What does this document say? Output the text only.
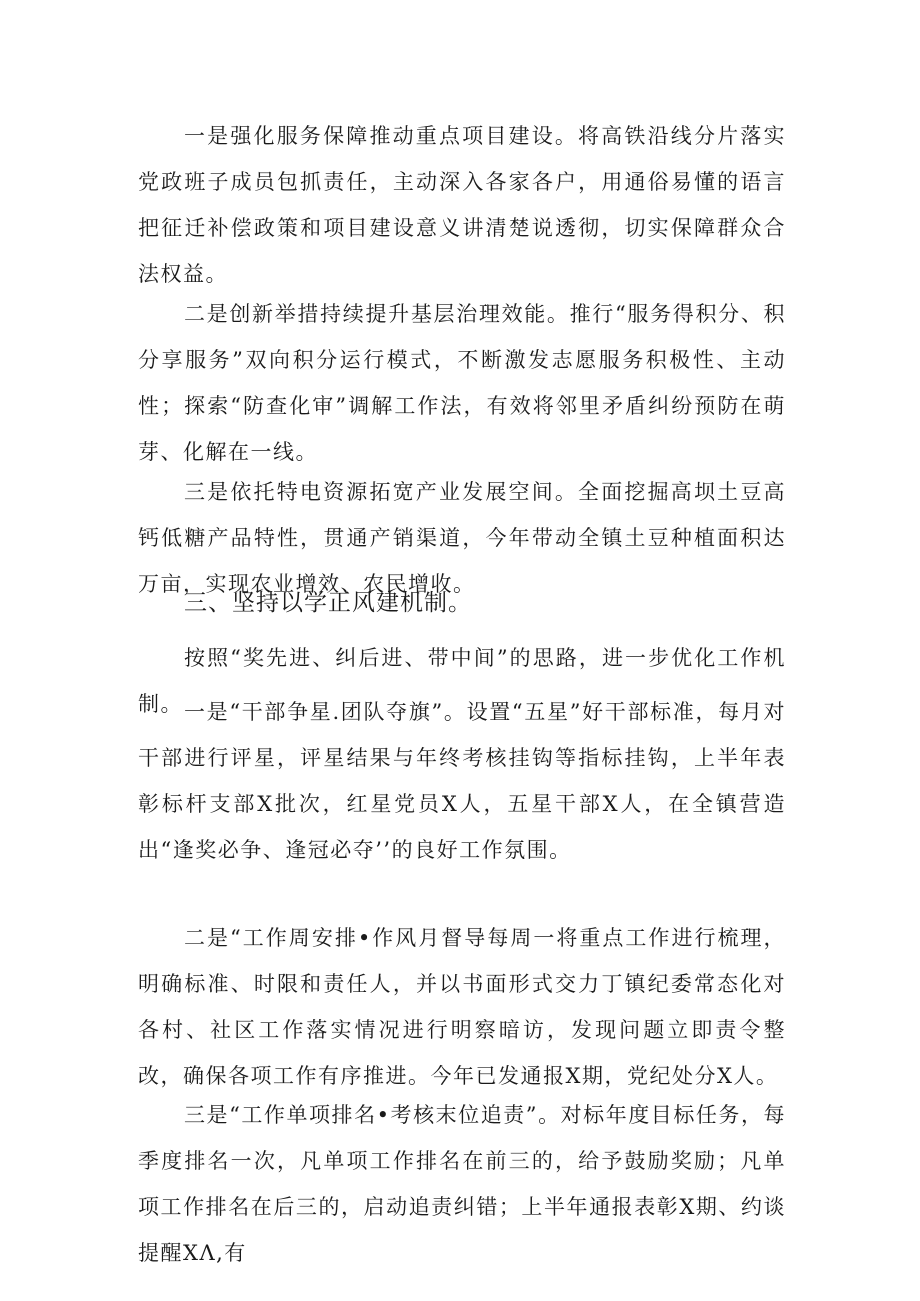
一是强化服务保障推动重点项目建设。将高铁沿线分片落实党政班子成员包抓责任，主动深入各家各户，用通俗易懂的语言把征迁补偿政策和项目建设意义讲清楚说透彻，切实保障群众合法权益。

二是创新举措持续提升基层治理效能。推行“服务得积分、积分享服务”双向积分运行模式，不断激发志愿服务积极性、主动性；探索“防查化审”调解工作法，有效将邻里矛盾纠纷预防在萌芽、化解在一线。

三是依托特电资源拓宽产业发展空间。全面挖掘高坝土豆高钙低糖产品特性，贯通产销渠道，今年带动全镇土豆种植面积达万亩，实现农业增效、农民增收。

三、坚持以学正风建机制。

按照“奖先进、纠后进、带中间”的思路，进一步优化工作机制。 一是“干部争星.团队夺旗”。设置“五星”好干部标准，每月对干部进行评星，评星结果与年终考核挂钩等指标挂钩，上半年表彰标杆支部X批次，红星党员X人，五星干部X人，在全镇营造出“逢奖必争、逢冠必夺’’的良好工作氛围。

二是“工作周安排•作风月督导每周一将重点工作进行梳理，明确标准、时限和责任人，并以书面形式交力丁镇纪委常态化对各村、社区工作落实情况进行明察暗访，发现问题立即责令整改，确保各项工作有序推进。今年已发通报X期，党纪处分X人。

三是“工作单项排名•考核末位追责”。对标年度目标任务，每季度排名一次，凡单项工作排名在前三的，给予鼓励奖励；凡单项工作排名在后三的，启动追责纠错；上半年通报表彰X期、约谈提醒XΛ,有
